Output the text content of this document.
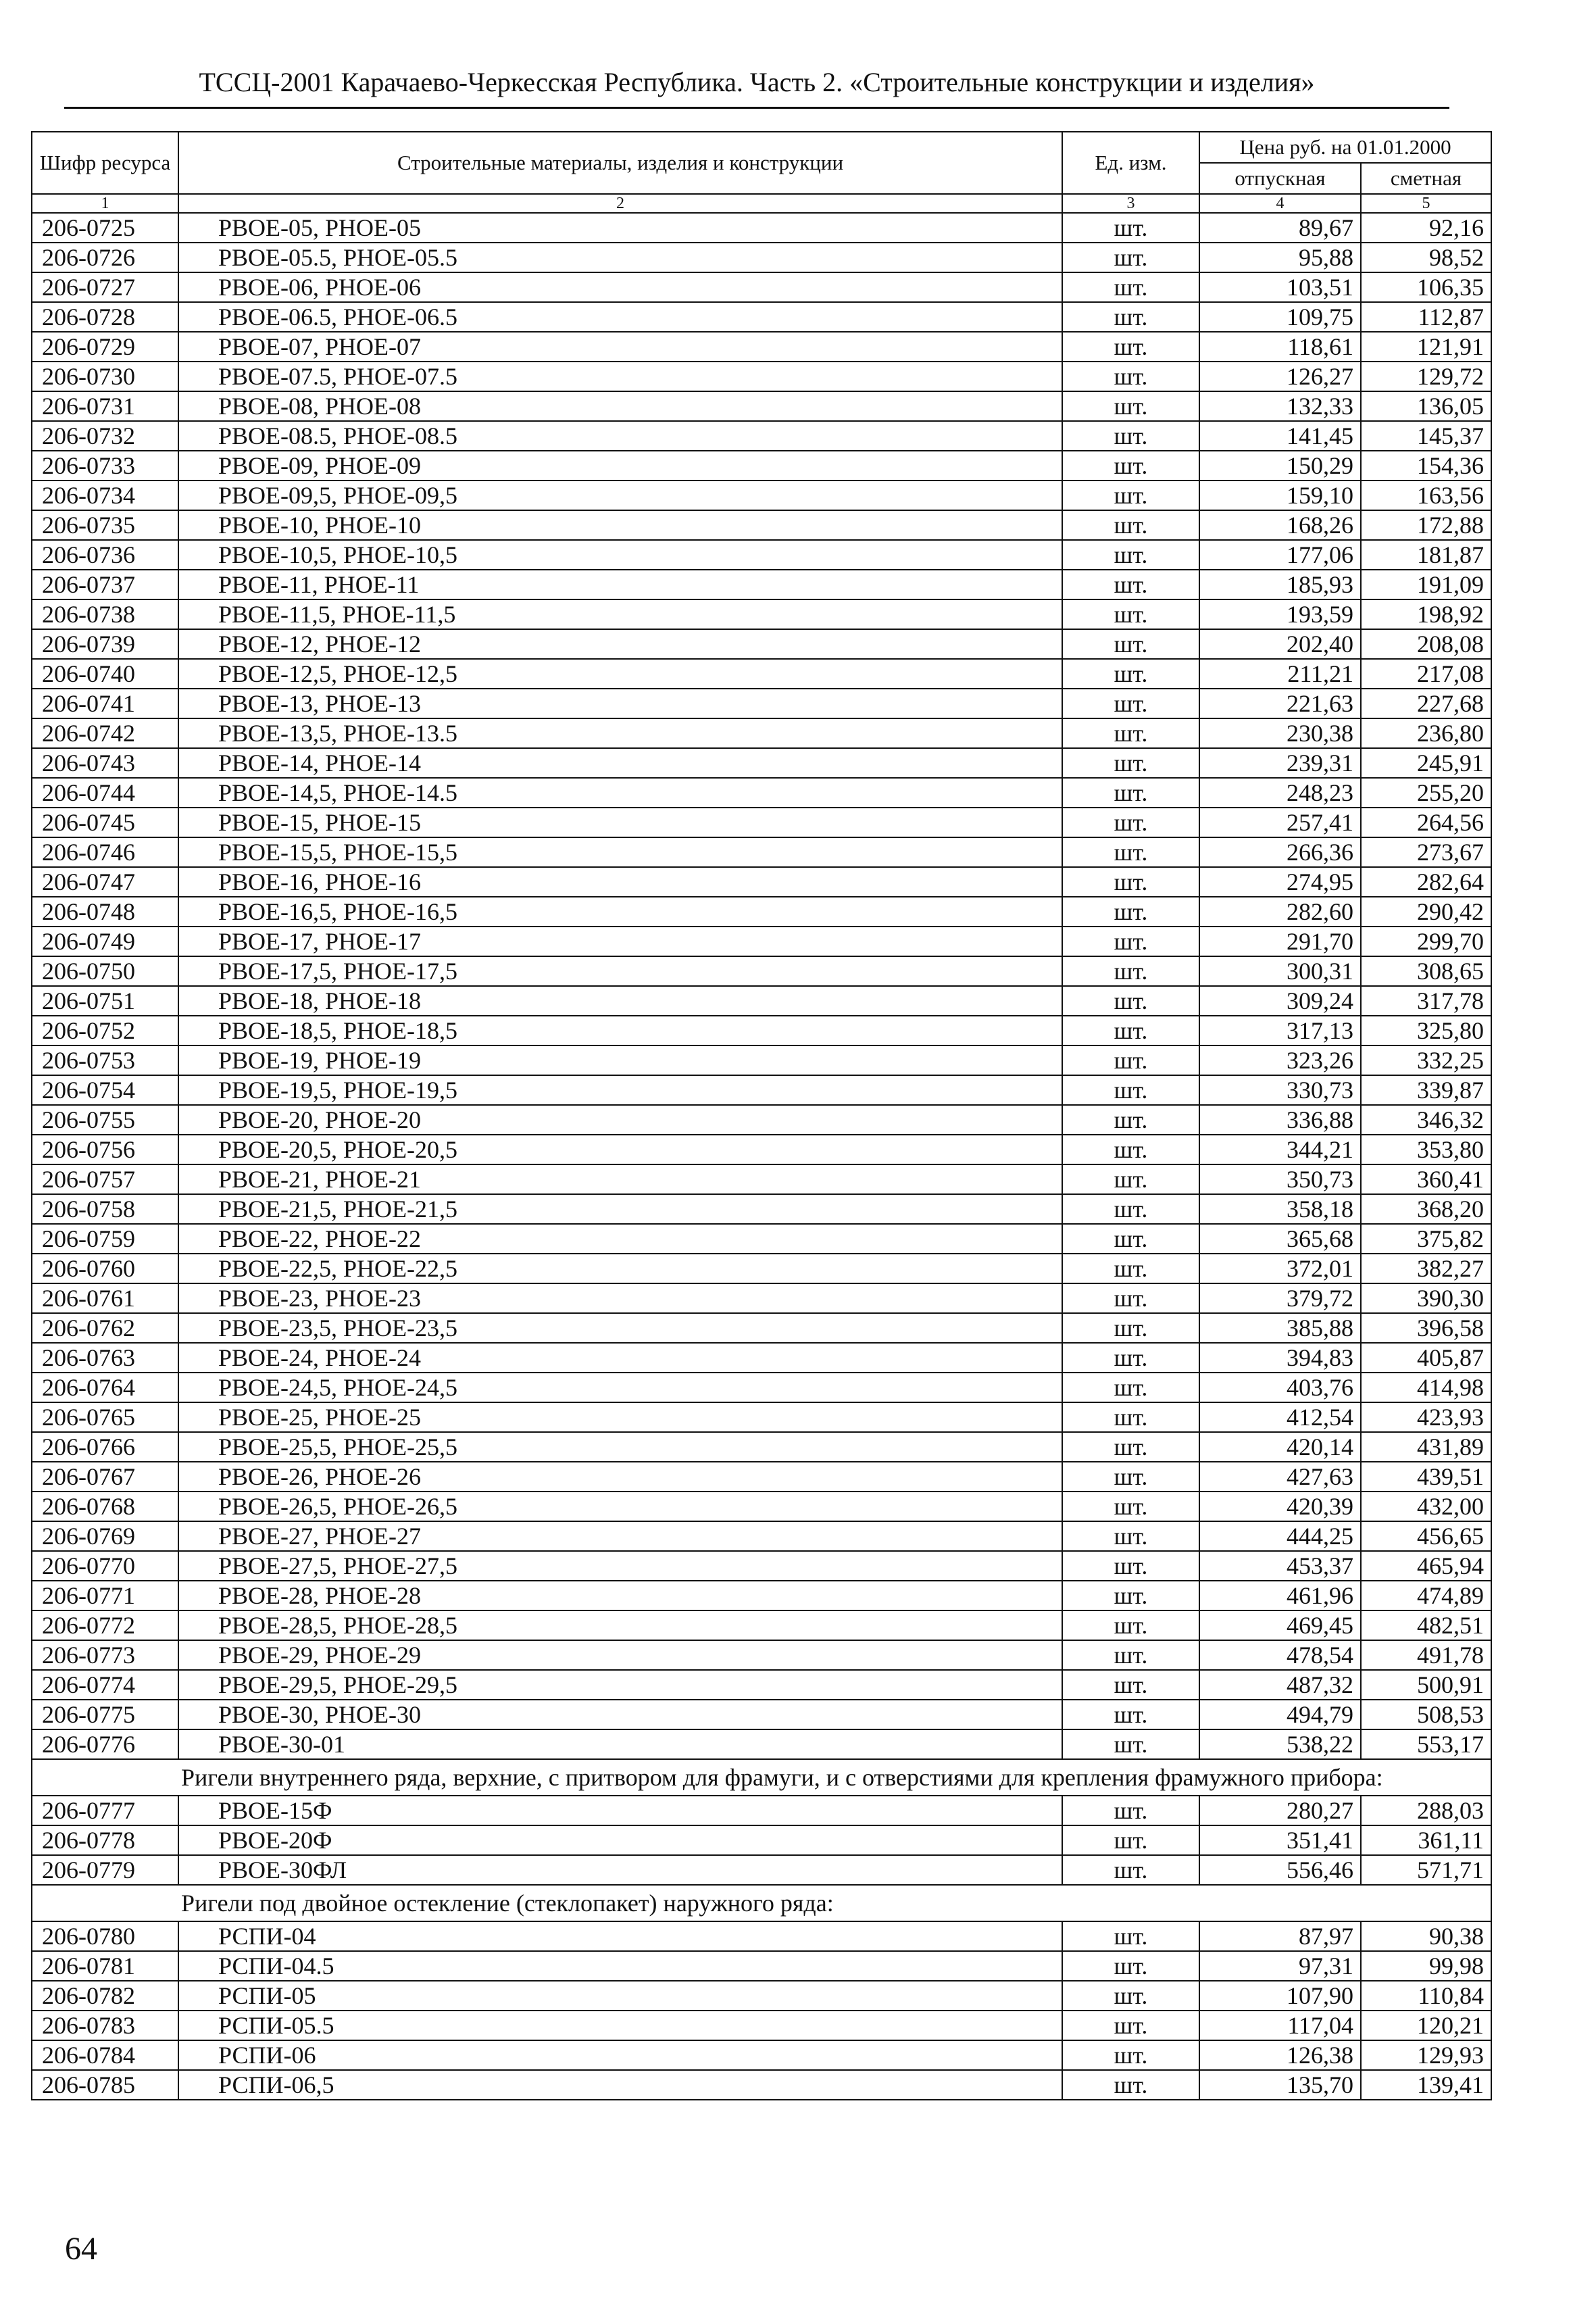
ТССЦ-2001 Карачаево-Черкесская Республика. Часть 2. «Строительные конструкции и изделия»
Шифр ресурса	Строительные материалы, изделия и конструкции	Ед. изм.	Цена руб. на 01.01.2000	
			отпускная	сметная
1	2	3	4	5
206-0725	РВОЕ-05, РНОЕ-05	шт.	89,67	92,16
206-0726	РВОЕ-05.5, РНОЕ-05.5	шт.	95,88	98,52
206-0727	РВОЕ-06, РНОЕ-06	шт.	103,51	106,35
206-0728	РВОЕ-06.5, РНОЕ-06.5	шт.	109,75	112,87
206-0729	РВОЕ-07, РНОЕ-07	шт.	118,61	121,91
206-0730	РВОЕ-07.5, РНОЕ-07.5	шт.	126,27	129,72
206-0731	РВОЕ-08, РНОЕ-08	шт.	132,33	136,05
206-0732	РВОЕ-08.5, РНОЕ-08.5	шт.	141,45	145,37
206-0733	РВОЕ-09, РНОЕ-09	шт.	150,29	154,36
206-0734	РВОЕ-09,5, РНОЕ-09,5	шт.	159,10	163,56
206-0735	РВОЕ-10, РНОЕ-10	шт.	168,26	172,88
206-0736	РВОЕ-10,5, РНОЕ-10,5	шт.	177,06	181,87
206-0737	РВОЕ-11, РНОЕ-11	шт.	185,93	191,09
206-0738	РВОЕ-11,5, РНОЕ-11,5	шт.	193,59	198,92
206-0739	РВОЕ-12, РНОЕ-12	шт.	202,40	208,08
206-0740	РВОЕ-12,5, РНОЕ-12,5	шт.	211,21	217,08
206-0741	РВОЕ-13, РНОЕ-13	шт.	221,63	227,68
206-0742	РВОЕ-13,5, РНОЕ-13.5	шт.	230,38	236,80
206-0743	РВОЕ-14, РНОЕ-14	шт.	239,31	245,91
206-0744	РВОЕ-14,5, РНОЕ-14.5	шт.	248,23	255,20
206-0745	РВОЕ-15, РНОЕ-15	шт.	257,41	264,56
206-0746	РВОЕ-15,5, РНОЕ-15,5	шт.	266,36	273,67
206-0747	РВОЕ-16, РНОЕ-16	шт.	274,95	282,64
206-0748	РВОЕ-16,5, РНОЕ-16,5	шт.	282,60	290,42
206-0749	РВОЕ-17, РНОЕ-17	шт.	291,70	299,70
206-0750	РВОЕ-17,5, РНОЕ-17,5	шт.	300,31	308,65
206-0751	РВОЕ-18, РНОЕ-18	шт.	309,24	317,78
206-0752	РВОЕ-18,5, РНОЕ-18,5	шт.	317,13	325,80
206-0753	РВОЕ-19, РНОЕ-19	шт.	323,26	332,25
206-0754	РВОЕ-19,5, РНОЕ-19,5	шт.	330,73	339,87
206-0755	РВОЕ-20, РНОЕ-20	шт.	336,88	346,32
206-0756	РВОЕ-20,5, РНОЕ-20,5	шт.	344,21	353,80
206-0757	РВОЕ-21, РНОЕ-21	шт.	350,73	360,41
206-0758	РВОЕ-21,5, РНОЕ-21,5	шт.	358,18	368,20
206-0759	РВОЕ-22, РНОЕ-22	шт.	365,68	375,82
206-0760	РВОЕ-22,5, РНОЕ-22,5	шт.	372,01	382,27
206-0761	РВОЕ-23, РНОЕ-23	шт.	379,72	390,30
206-0762	РВОЕ-23,5, РНОЕ-23,5	шт.	385,88	396,58
206-0763	РВОЕ-24, РНОЕ-24	шт.	394,83	405,87
206-0764	РВОЕ-24,5, РНОЕ-24,5	шт.	403,76	414,98
206-0765	РВОЕ-25, РНОЕ-25	шт.	412,54	423,93
206-0766	РВОЕ-25,5, РНОЕ-25,5	шт.	420,14	431,89
206-0767	РВОЕ-26, РНОЕ-26	шт.	427,63	439,51
206-0768	РВОЕ-26,5, РНОЕ-26,5	шт.	420,39	432,00
206-0769	РВОЕ-27, РНОЕ-27	шт.	444,25	456,65
206-0770	РВОЕ-27,5, РНОЕ-27,5	шт.	453,37	465,94
206-0771	РВОЕ-28, РНОЕ-28	шт.	461,96	474,89
206-0772	РВОЕ-28,5, РНОЕ-28,5	шт.	469,45	482,51
206-0773	РВОЕ-29, РНОЕ-29	шт.	478,54	491,78
206-0774	РВОЕ-29,5, РНОЕ-29,5	шт.	487,32	500,91
206-0775	РВОЕ-30, РНОЕ-30	шт.	494,79	508,53
206-0776	РВОЕ-30-01	шт.	538,22	553,17
Ригели внутреннего ряда, верхние, с притвором для фрамуги, и с отверстиями для крепления фрамужного прибора:				
206-0777	РВОЕ-15Ф	шт.	280,27	288,03
206-0778	РВОЕ-20Ф	шт.	351,41	361,11
206-0779	РВОЕ-30ФЛ	шт.	556,46	571,71
Ригели под двойное остекление (стеклопакет) наружного ряда:				
206-0780	РСПИ-04	шт.	87,97	90,38
206-0781	РСПИ-04.5	шт.	97,31	99,98
206-0782	РСПИ-05	шт.	107,90	110,84
206-0783	РСПИ-05.5	шт.	117,04	120,21
206-0784	РСПИ-06	шт.	126,38	129,93
206-0785	РСПИ-06,5	шт.	135,70	139,41
64
